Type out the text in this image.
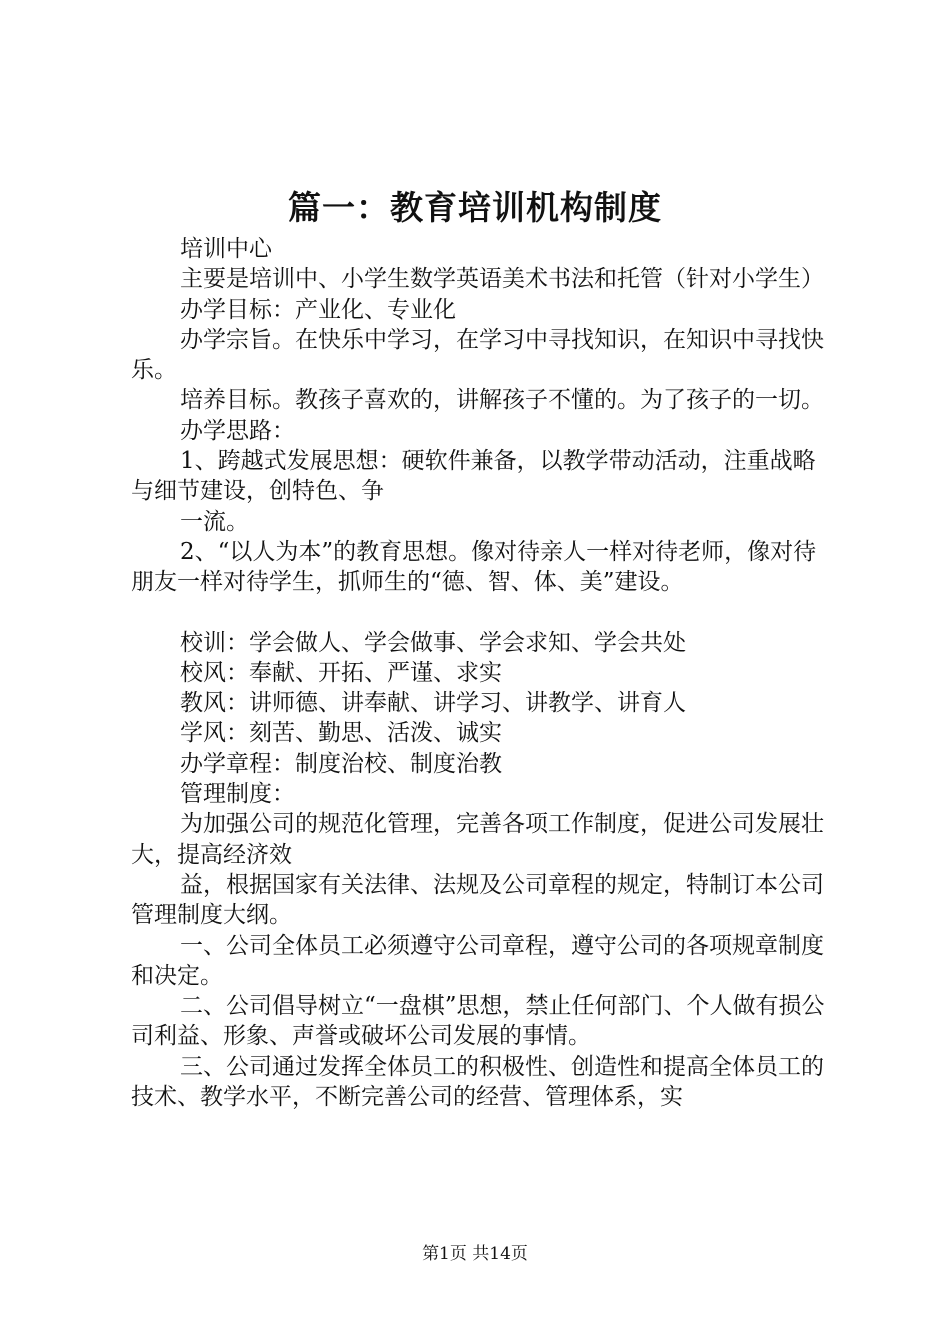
篇一：教育培训机构制度

培训中心

主要是培训中、小学生数学英语美术书法和托管（针对小学生）

办学目标：产业化、专业化

办学宗旨。在快乐中学习，在学习中寻找知识，在知识中寻找快乐。

培养目标。教孩子喜欢的，讲解孩子不懂的。为了孩子的一切。

办学思路：

1、跨越式发展思想：硬软件兼备，以教学带动活动，注重战略与细节建设，创特色、争

一流。

2、“以人为本”的教育思想。像对待亲人一样对待老师，像对待朋友一样对待学生，抓师生的“德、智、体、美”建设。

校训：学会做人、学会做事、学会求知、学会共处

校风：奉献、开拓、严谨、求实

教风：讲师德、讲奉献、讲学习、讲教学、讲育人

学风：刻苦、勤思、活泼、诚实

办学章程：制度治校、制度治教

管理制度：

为加强公司的规范化管理，完善各项工作制度，促进公司发展壮大，提高经济效

益，根据国家有关法律、法规及公司章程的规定，特制订本公司管理制度大纲。

一、公司全体员工必须遵守公司章程，遵守公司的各项规章制度和决定。

二、公司倡导树立“一盘棋”思想，禁止任何部门、个人做有损公司利益、形象、声誉或破坏公司发展的事情。

三、公司通过发挥全体员工的积极性、创造性和提高全体员工的技术、教学水平，不断完善公司的经营、管理体系，实

第1页 共14页
